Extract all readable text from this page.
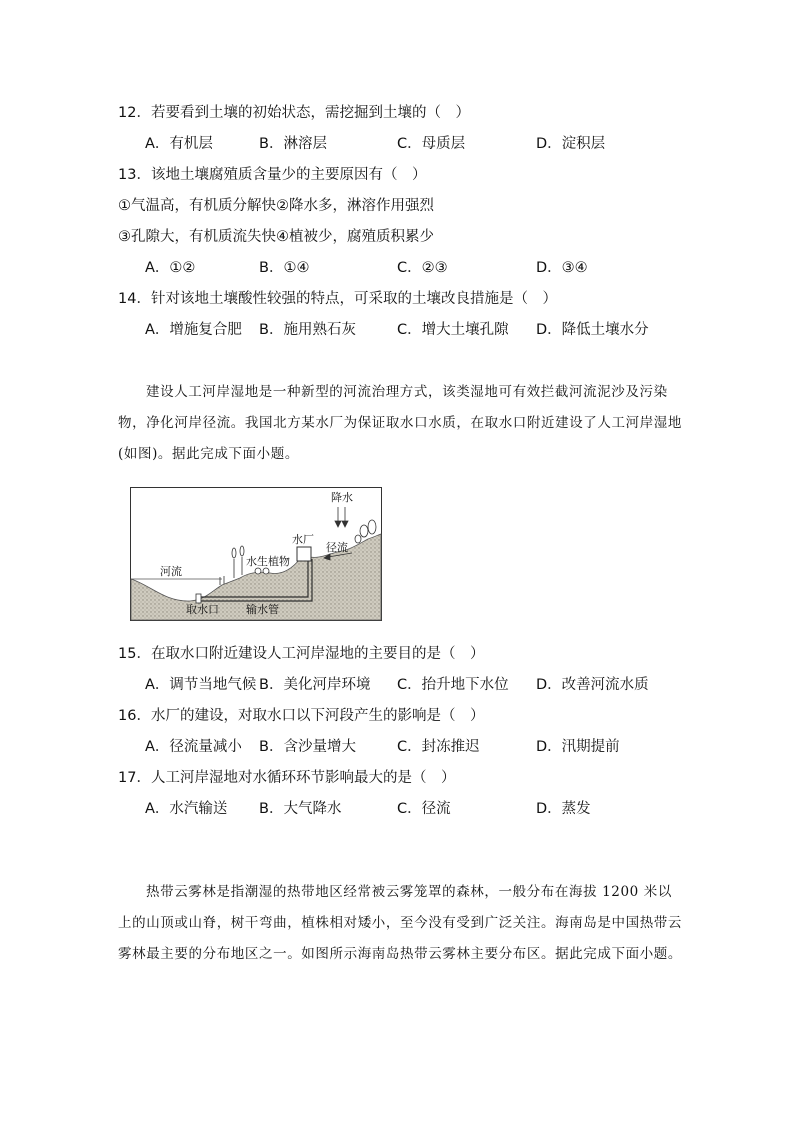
12．若要看到土壤的初始状态，需挖掘到土壤的（　）
A．有机层	B．淋溶层	C．母质层	D．淀积层
13．该地土壤腐殖质含量少的主要原因有（　）
①气温高，有机质分解快②降水多，淋溶作用强烈
③孔隙大，有机质流失快④植被少，腐殖质积累少
A．①②	B．①④	C．②③	D．③④
14．针对该地土壤酸性较强的特点，可采取的土壤改良措施是（　）
A．增施复合肥 B．施用熟石灰	C．增大土壤孔隙 D．降低土壤水分
建设人工河岸湿地是一种新型的河流治理方式，该类湿地可有效拦截河流泥沙及污染
物，净化河岸径流。我国北方某水厂为保证取水口水质，在取水口附近建设了人工河岸湿地
(如图)。据此完成下面小题。
降水
水厂
径流
水生植物
河流
取水口 输水管
15．在取水口附近建设人工河岸湿地的主要目的是（　）
A．调节当地气候 B．美化河岸环境 C．抬升地下水位 D．改善河流水质
16．水厂的建设，对取水口以下河段产生的影响是（　）
A．径流量减小 B．含沙量增大	C．封冻推迟	D．汛期提前
17．人工河岸湿地对水循环环节影响最大的是（　）
A．水汽输送 B．大气降水	C．径流	D．蒸发
热带云雾林是指潮湿的热带地区经常被云雾笼罩的森林，一般分布在海拔 1200 米以
上的山顶或山脊，树干弯曲，植株相对矮小，至今没有受到广泛关注。海南岛是中国热带云
雾林最主要的分布地区之一。如图所示海南岛热带云雾林主要分布区。据此完成下面小题。
